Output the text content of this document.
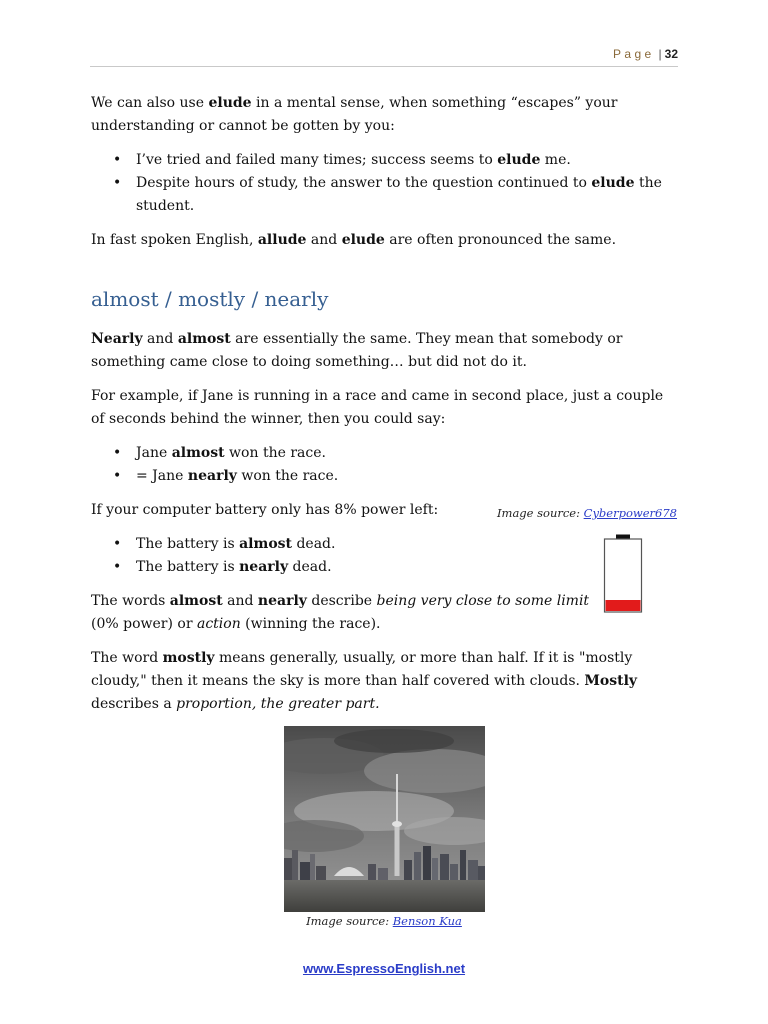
Page | 32

We can also use elude in a mental sense, when something “escapes” your understanding or cannot be gotten by you:

• I’ve tried and failed many times; success seems to elude me.
• Despite hours of study, the answer to the question continued to elude the student.

In fast spoken English, allude and elude are often pronounced the same.

almost / mostly / nearly

Nearly and almost are essentially the same. They mean that somebody or something came close to doing something… but did not do it.

For example, if Jane is running in a race and came in second place, just a couple of seconds behind the winner, then you could say:

• Jane almost won the race.
• = Jane nearly won the race.

If your computer battery only has 8% power left:

• The battery is almost dead.
• The battery is nearly dead.

The words almost and nearly describe being very close to some limit
(0% power) or action (winning the race).

The word mostly means generally, usually, or more than half. If it is "mostly cloudy," then it means the sky is more than half covered with clouds. Mostly describes a proportion, the greater part.

Image source: Cyberpower678
Image source: Benson Kua
www.EspressoEnglish.net
